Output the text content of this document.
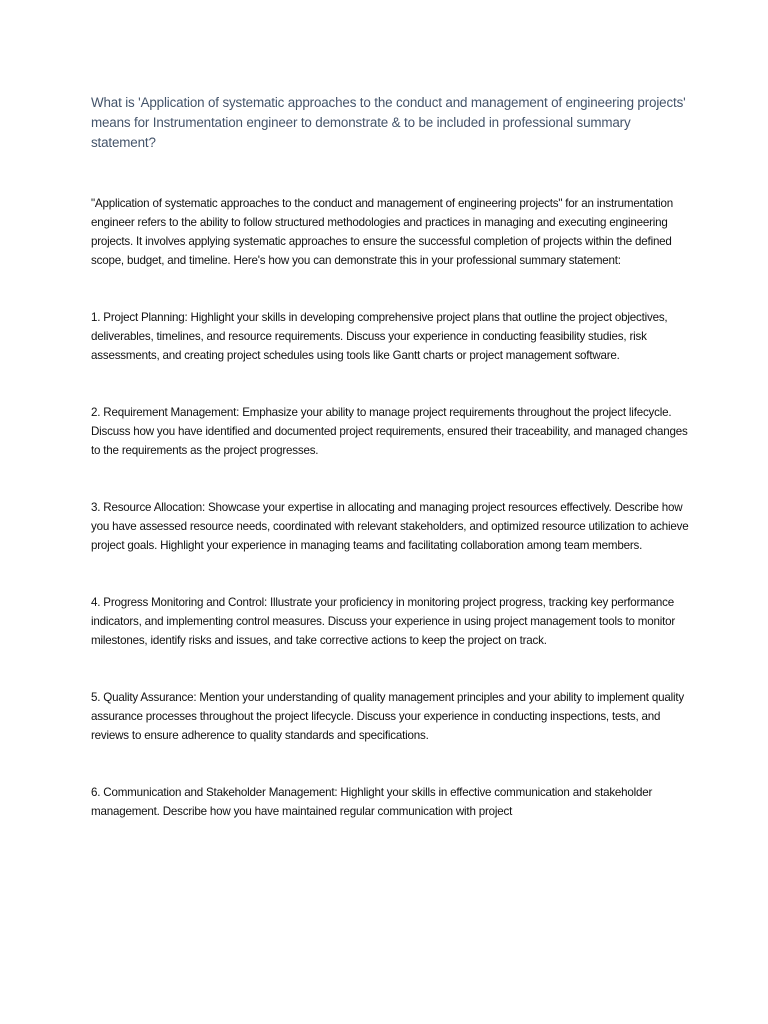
What is 'Application of systematic approaches to the conduct and management of engineering projects' means for Instrumentation engineer to demonstrate & to be included in professional summary statement?

"Application of systematic approaches to the conduct and management of engineering projects" for an instrumentation engineer refers to the ability to follow structured methodologies and practices in managing and executing engineering projects. It involves applying systematic approaches to ensure the successful completion of projects within the defined scope, budget, and timeline. Here's how you can demonstrate this in your professional summary statement:

1. Project Planning: Highlight your skills in developing comprehensive project plans that outline the project objectives, deliverables, timelines, and resource requirements. Discuss your experience in conducting feasibility studies, risk assessments, and creating project schedules using tools like Gantt charts or project management software.

2. Requirement Management: Emphasize your ability to manage project requirements throughout the project lifecycle. Discuss how you have identified and documented project requirements, ensured their traceability, and managed changes to the requirements as the project progresses.

3. Resource Allocation: Showcase your expertise in allocating and managing project resources effectively. Describe how you have assessed resource needs, coordinated with relevant stakeholders, and optimized resource utilization to achieve project goals. Highlight your experience in managing teams and facilitating collaboration among team members.

4. Progress Monitoring and Control: Illustrate your proficiency in monitoring project progress, tracking key performance indicators, and implementing control measures. Discuss your experience in using project management tools to monitor milestones, identify risks and issues, and take corrective actions to keep the project on track.

5. Quality Assurance: Mention your understanding of quality management principles and your ability to implement quality assurance processes throughout the project lifecycle. Discuss your experience in conducting inspections, tests, and reviews to ensure adherence to quality standards and specifications.

6. Communication and Stakeholder Management: Highlight your skills in effective communication and stakeholder management. Describe how you have maintained regular communication with project
